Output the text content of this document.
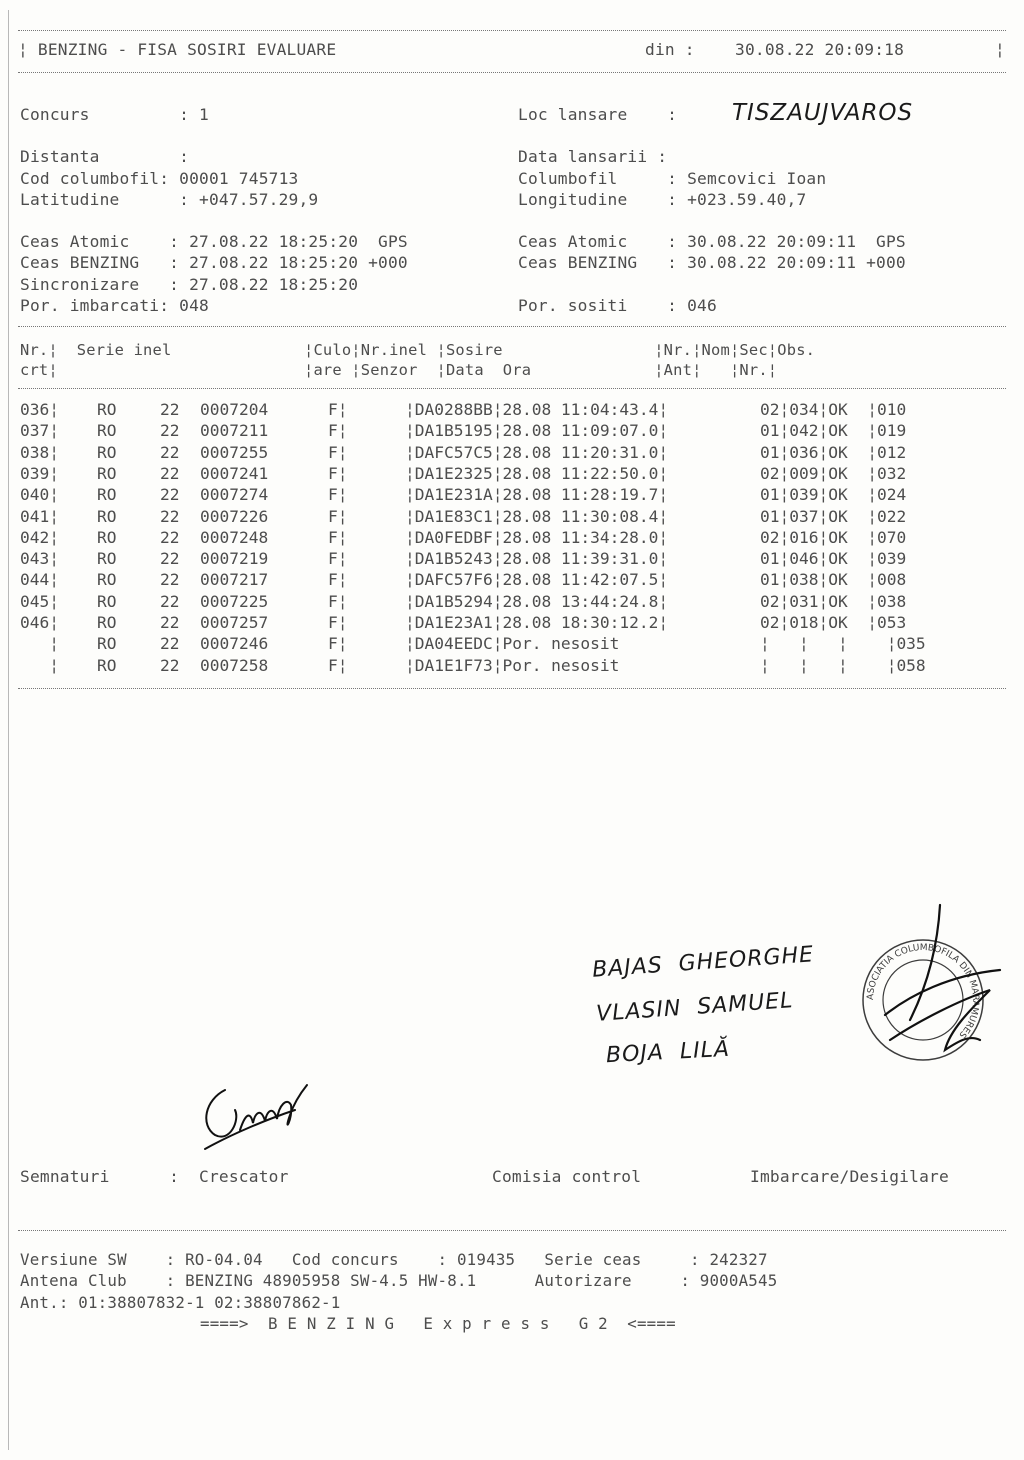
¦ BENZING - FISA SOSIRI EVALUARE	din : 30.08.22 20:09:18	¦
Concurs         : 1	Loc lansare    : TISZAUJVAROS
Distanta        :	Data lansarii :
Cod columbofil: 00001 745713	Columbofil     : Semcovici Ioan
Latitudine      : +047.57.29,9	Longitudine    : +023.59.40,7
Ceas Atomic    : 27.08.22 18:25:20  GPS	Ceas Atomic    : 30.08.22 20:09:11  GPS
Ceas BENZING   : 27.08.22 18:25:20 +000	Ceas BENZING   : 30.08.22 20:09:11 +000
Sincronizare   : 27.08.22 18:25:20
Por. imbarcati: 048	Por. sositi    : 046
Nr.¦  Serie inel              ¦Culo¦Nr.inel ¦Sosire                ¦Nr.¦Nom¦Sec¦Obs.
crt¦                          ¦are ¦Senzor  ¦Data  Ora             ¦Ant¦   ¦Nr.¦
036¦ RO	22 0007204	F¦	¦DA0288BB¦28.08 11:04:43.4¦	02¦034¦OK  ¦010
037¦ RO	22 0007211	F¦	¦DA1B5195¦28.08 11:09:07.0¦	01¦042¦OK  ¦019
038¦ RO	22 0007255	F¦	¦DAFC57C5¦28.08 11:20:31.0¦	01¦036¦OK  ¦012
039¦ RO	22 0007241	F¦	¦DA1E2325¦28.08 11:22:50.0¦	02¦009¦OK  ¦032
040¦ RO	22 0007274	F¦	¦DA1E231A¦28.08 11:28:19.7¦	01¦039¦OK  ¦024
041¦ RO	22 0007226	F¦	¦DA1E83C1¦28.08 11:30:08.4¦	01¦037¦OK  ¦022
042¦ RO	22 0007248	F¦	¦DA0FEDBF¦28.08 11:34:28.0¦	02¦016¦OK  ¦070
043¦ RO	22 0007219	F¦	¦DA1B5243¦28.08 11:39:31.0¦	01¦046¦OK  ¦039
044¦ RO	22 0007217	F¦	¦DAFC57F6¦28.08 11:42:07.5¦	01¦038¦OK  ¦008
045¦ RO	22 0007225	F¦	¦DA1B5294¦28.08 13:44:24.8¦	02¦031¦OK  ¦038
046¦ RO	22 0007257	F¦	¦DA1E23A1¦28.08 18:30:12.2¦	02¦018¦OK  ¦053
¦ RO	22 0007246	F¦	¦DA04EEDC¦Por. nesosit	¦   ¦   ¦    ¦035
¦ RO	22 0007258	F¦	¦DA1E1F73¦Por. nesosit	¦   ¦   ¦    ¦058
BAJAS  GHEORGHE
VLASIN  SAMUEL
BOJA  LILĂ
ASOCIATIA COLUMBOFILA DIN MARAMURES
Semnaturi      :  Crescator	Comisia control	Imbarcare/Desigilare
Versiune SW    : RO-04.04   Cod concurs    : 019435   Serie ceas     : 242327
Antena Club    : BENZING 48905958 SW-4.5 HW-8.1      Autorizare     : 9000A545
Ant.: 01:38807832-1 02:38807862-1
====>  B E N Z I N G   E x p r e s s   G 2  <====
